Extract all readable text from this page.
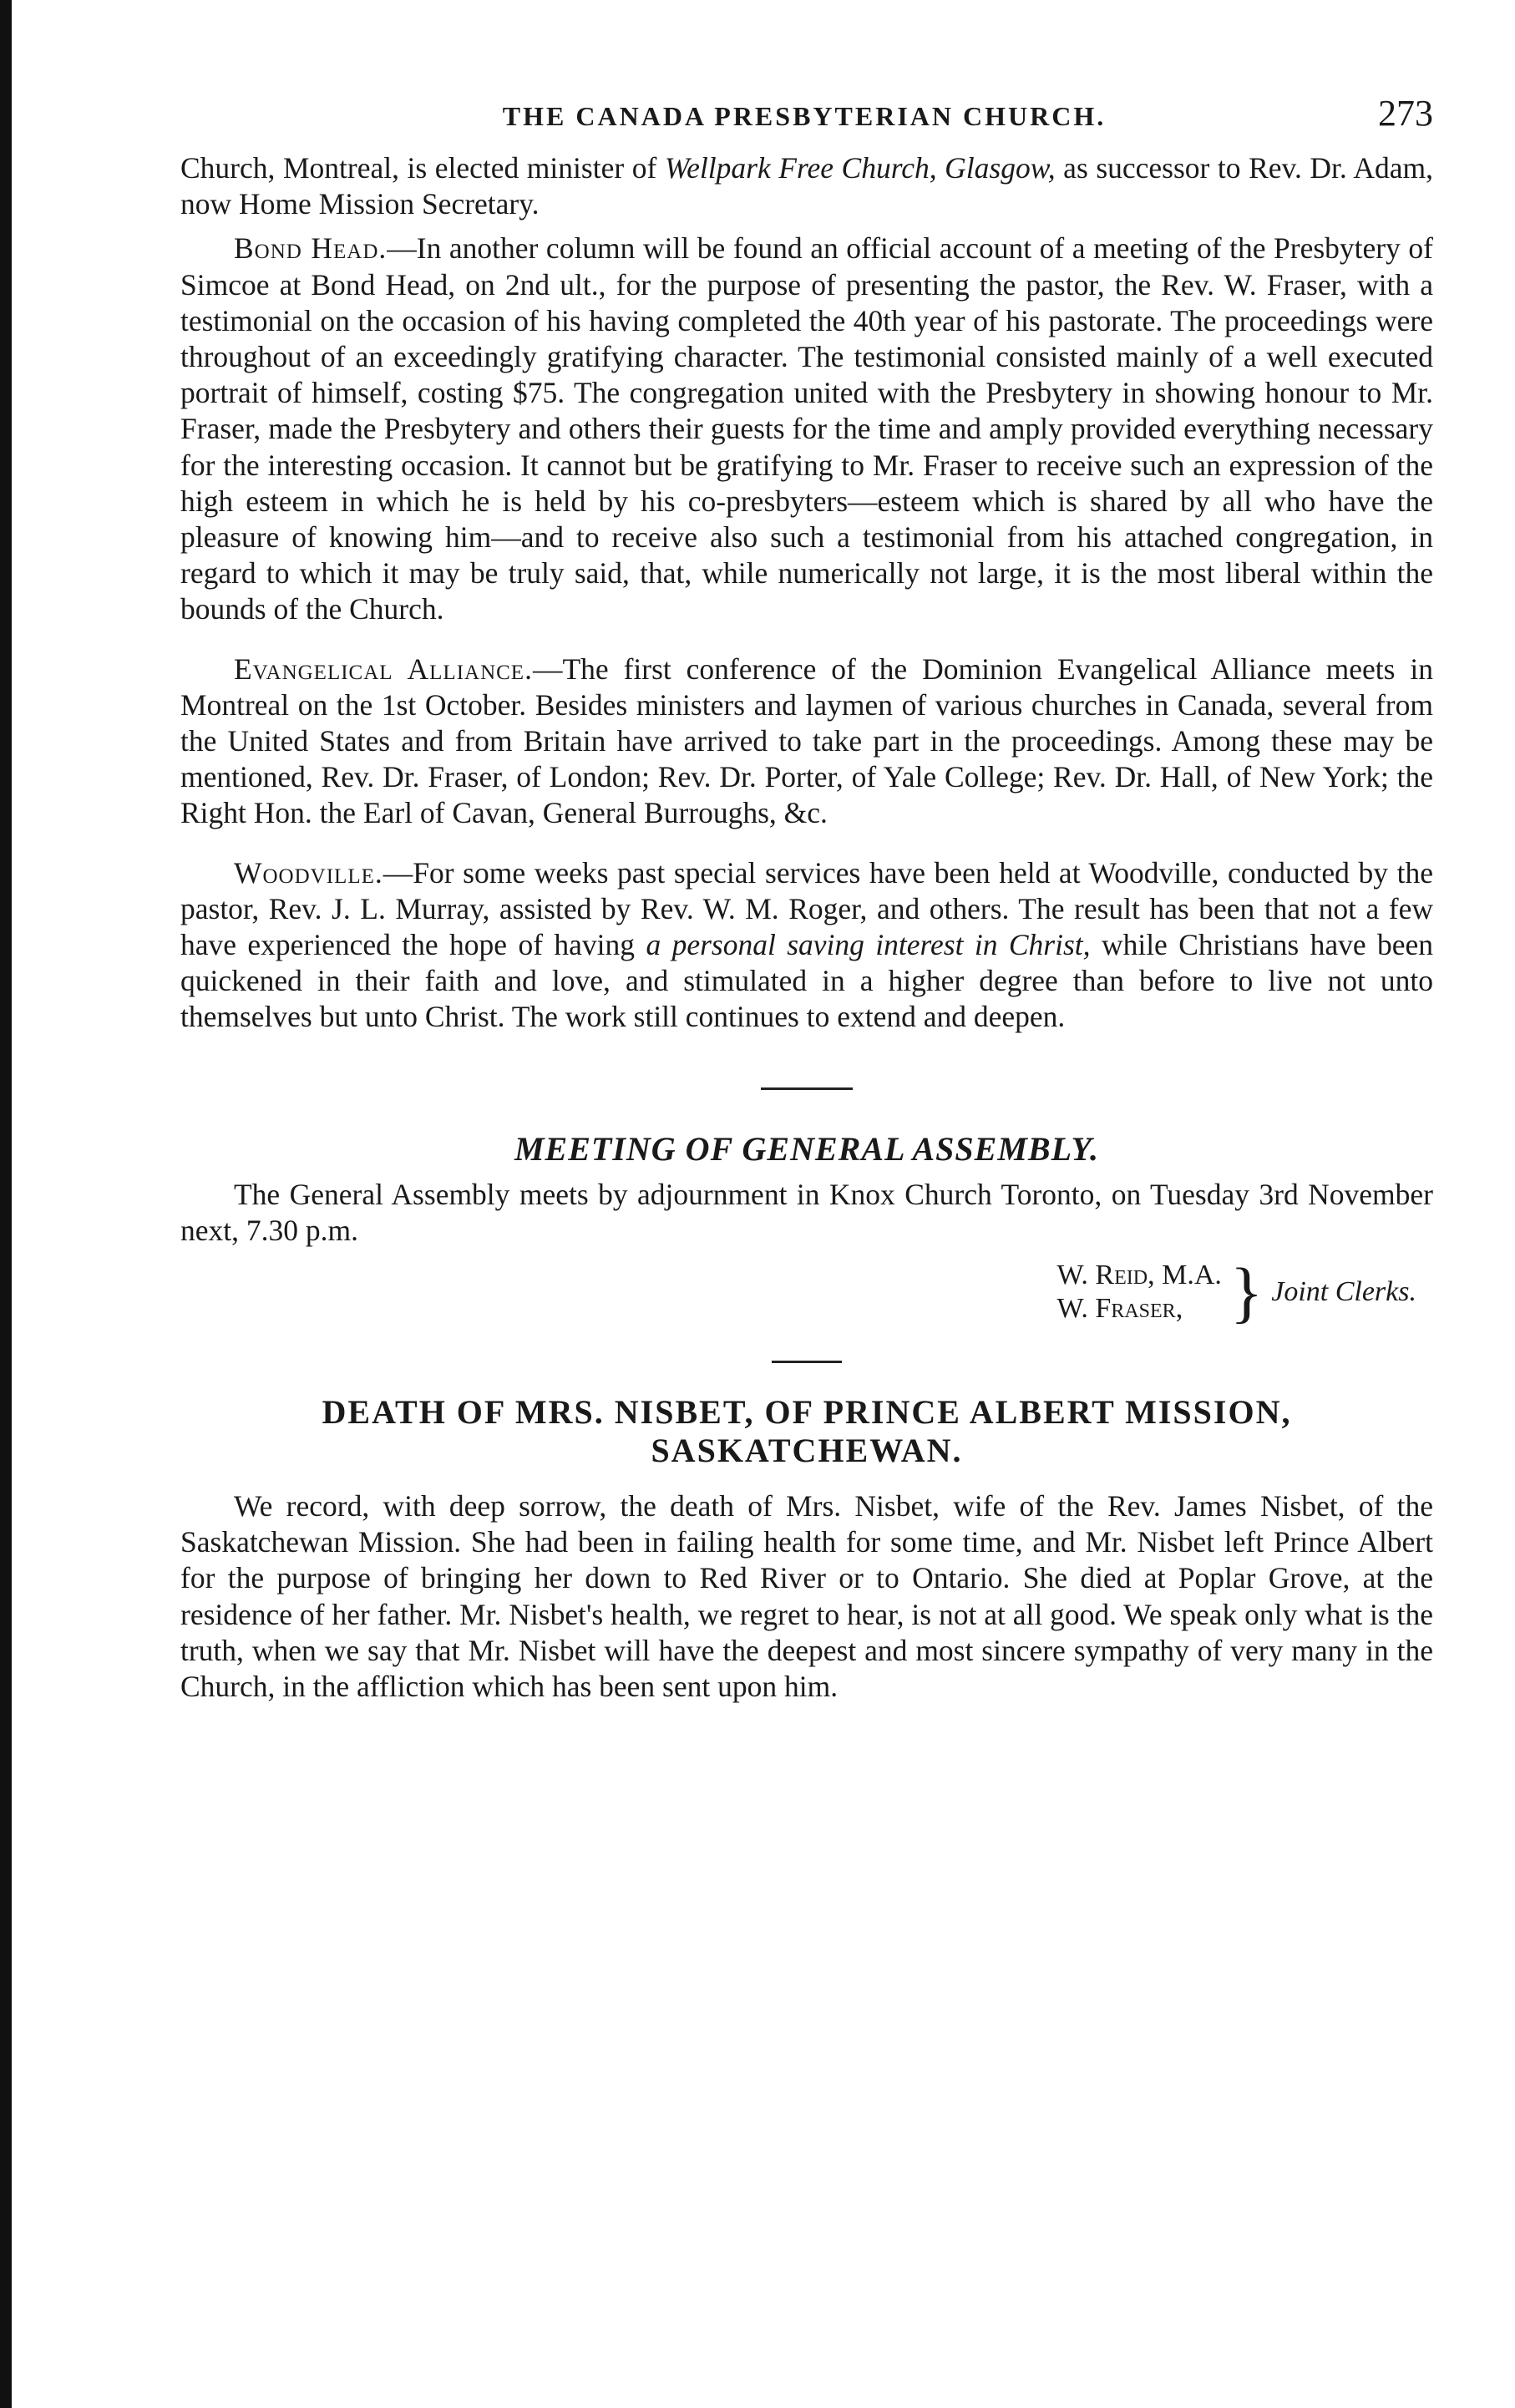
THE CANADA PRESBYTERIAN CHURCH.	273

Church, Montreal, is elected minister of Wellpark Free Church, Glasgow, as successor to Rev. Dr. Adam, now Home Mission Secretary.

Bond Head.—In another column will be found an official account of a meeting of the Presbytery of Simcoe at Bond Head, on 2nd ult., for the purpose of presenting the pastor, the Rev. W. Fraser, with a testimonial on the occasion of his having completed the 40th year of his pastorate. The proceedings were throughout of an exceedingly gratifying character. The testimonial consisted mainly of a well executed portrait of himself, costing $75. The congregation united with the Presbytery in showing honour to Mr. Fraser, made the Presbytery and others their guests for the time and amply provided everything necessary for the interesting occasion. It cannot but be gratifying to Mr. Fraser to receive such an expression of the high esteem in which he is held by his co-presbyters—esteem which is shared by all who have the pleasure of knowing him—and to receive also such a testimonial from his attached congregation, in regard to which it may be truly said, that, while numerically not large, it is the most liberal within the bounds of the Church.

Evangelical Alliance.—The first conference of the Dominion Evangelical Alliance meets in Montreal on the 1st October. Besides ministers and laymen of various churches in Canada, several from the United States and from Britain have arrived to take part in the proceedings. Among these may be mentioned, Rev. Dr. Fraser, of London; Rev. Dr. Porter, of Yale College; Rev. Dr. Hall, of New York; the Right Hon. the Earl of Cavan, General Burroughs, &c.

Woodville.—For some weeks past special services have been held at Woodville, conducted by the pastor, Rev. J. L. Murray, assisted by Rev. W. M. Roger, and others. The result has been that not a few have experienced the hope of having a personal saving interest in Christ, while Christians have been quickened in their faith and love, and stimulated in a higher degree than before to live not unto themselves but unto Christ. The work still continues to extend and deepen.

MEETING OF GENERAL ASSEMBLY.

The General Assembly meets by adjournment in Knox Church Toronto, on Tuesday 3rd November next, 7.30 p.m.

W. Reid, M.A.
W. Fraser, } Joint Clerks.
DEATH OF MRS. NISBET, OF PRINCE ALBERT MISSION, SASKATCHEWAN.

We record, with deep sorrow, the death of Mrs. Nisbet, wife of the Rev. James Nisbet, of the Saskatchewan Mission. She had been in failing health for some time, and Mr. Nisbet left Prince Albert for the purpose of bringing her down to Red River or to Ontario. She died at Poplar Grove, at the residence of her father. Mr. Nisbet's health, we regret to hear, is not at all good. We speak only what is the truth, when we say that Mr. Nisbet will have the deepest and most sincere sympathy of very many in the Church, in the affliction which has been sent upon him.
